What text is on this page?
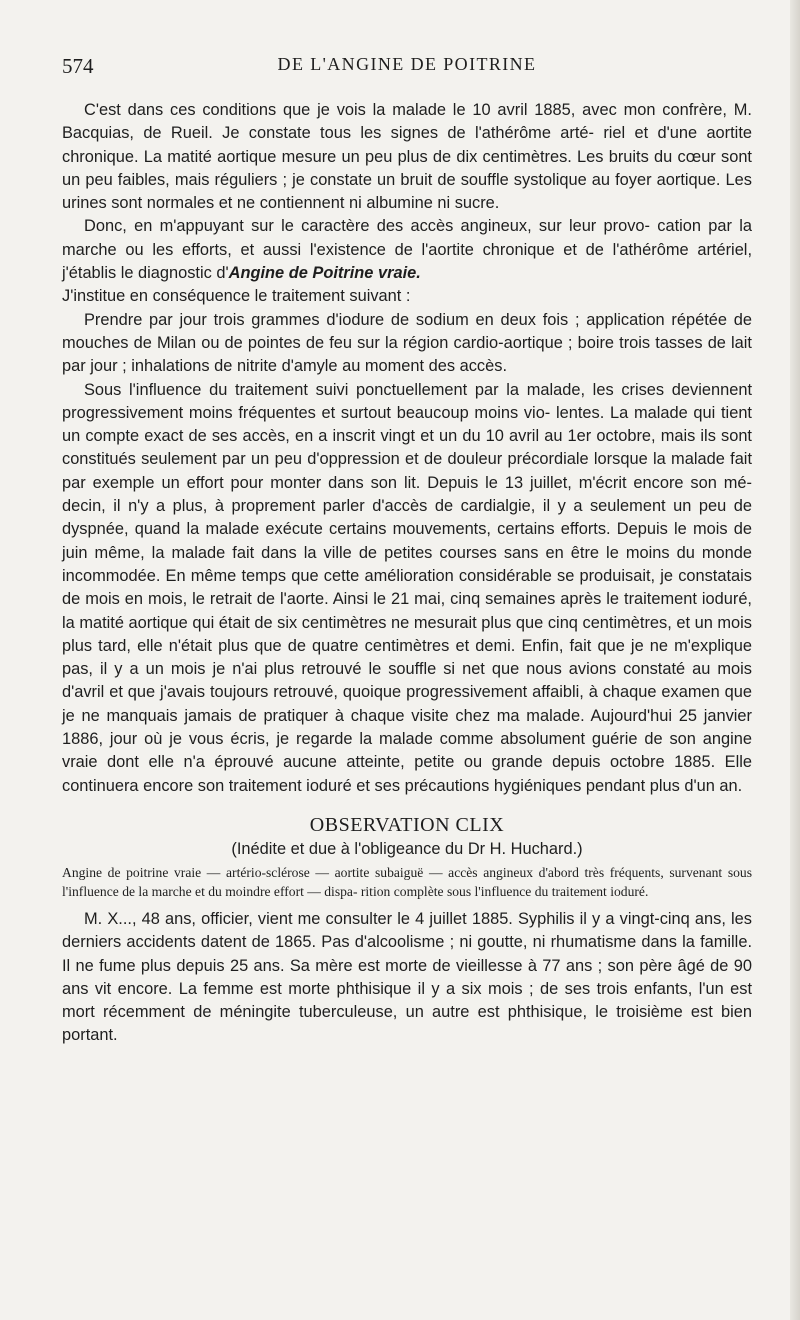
574	DE L'ANGINE DE POITRINE

C'est dans ces conditions que je vois la malade le 10 avril 1885, avec mon confrère, M. Bacquias, de Rueil. Je constate tous les signes de l'athérôme arté- riel et d'une aortite chronique. La matité aortique mesure un peu plus de dix centimètres. Les bruits du cœur sont un peu faibles, mais réguliers ; je constate un bruit de souffle systolique au foyer aortique. Les urines sont normales et ne contiennent ni albumine ni sucre.

Donc, en m'appuyant sur le caractère des accès angineux, sur leur provo- cation par la marche ou les efforts, et aussi l'existence de l'aortite chronique et de l'athérôme artériel, j'établis le diagnostic d'Angine de Poitrine vraie.

J'institue en conséquence le traitement suivant :

Prendre par jour trois grammes d'iodure de sodium en deux fois ; application répétée de mouches de Milan ou de pointes de feu sur la région cardio-aortique ; boire trois tasses de lait par jour ; inhalations de nitrite d'amyle au moment des accès.

Sous l'influence du traitement suivi ponctuellement par la malade, les crises deviennent progressivement moins fréquentes et surtout beaucoup moins vio- lentes. La malade qui tient un compte exact de ses accès, en a inscrit vingt et un du 10 avril au 1er octobre, mais ils sont constitués seulement par un peu d'oppression et de douleur précordiale lorsque la malade fait par exemple un effort pour monter dans son lit. Depuis le 13 juillet, m'écrit encore son mé- decin, il n'y a plus, à proprement parler d'accès de cardialgie, il y a seulement un peu de dyspnée, quand la malade exécute certains mouvements, certains efforts. Depuis le mois de juin même, la malade fait dans la ville de petites courses sans en être le moins du monde incommodée. En même temps que cette amélioration considérable se produisait, je constatais de mois en mois, le retrait de l'aorte. Ainsi le 21 mai, cinq semaines après le traitement ioduré, la matité aortique qui était de six centimètres ne mesurait plus que cinq centimètres, et un mois plus tard, elle n'était plus que de quatre centimètres et demi. Enfin, fait que je ne m'explique pas, il y a un mois je n'ai plus retrouvé le souffle si net que nous avions constaté au mois d'avril et que j'avais toujours retrouvé, quoique progressivement affaibli, à chaque examen que je ne manquais jamais de pratiquer à chaque visite chez ma malade. Aujourd'hui 25 janvier 1886, jour où je vous écris, je regarde la malade comme absolument guérie de son angine vraie dont elle n'a éprouvé aucune atteinte, petite ou grande depuis octobre 1885. Elle continuera encore son traitement ioduré et ses précautions hygiéniques pendant plus d'un an.

OBSERVATION CLIX
(Inédite et due à l'obligeance du Dr H. Huchard.)

Angine de poitrine vraie — artério-sclérose — aortite subaiguë — accès angineux d'abord très fréquents, survenant sous l'influence de la marche et du moindre effort — dispa- rition complète sous l'influence du traitement ioduré.

M. X..., 48 ans, officier, vient me consulter le 4 juillet 1885. Syphilis il y a vingt-cinq ans, les derniers accidents datent de 1865. Pas d'alcoolisme ; ni goutte, ni rhumatisme dans la famille. Il ne fume plus depuis 25 ans. Sa mère est morte de vieillesse à 77 ans ; son père âgé de 90 ans vit encore. La femme est morte phthisique il y a six mois ; de ses trois enfants, l'un est mort récemment de méningite tuberculeuse, un autre est phthisique, le troisième est bien portant.
